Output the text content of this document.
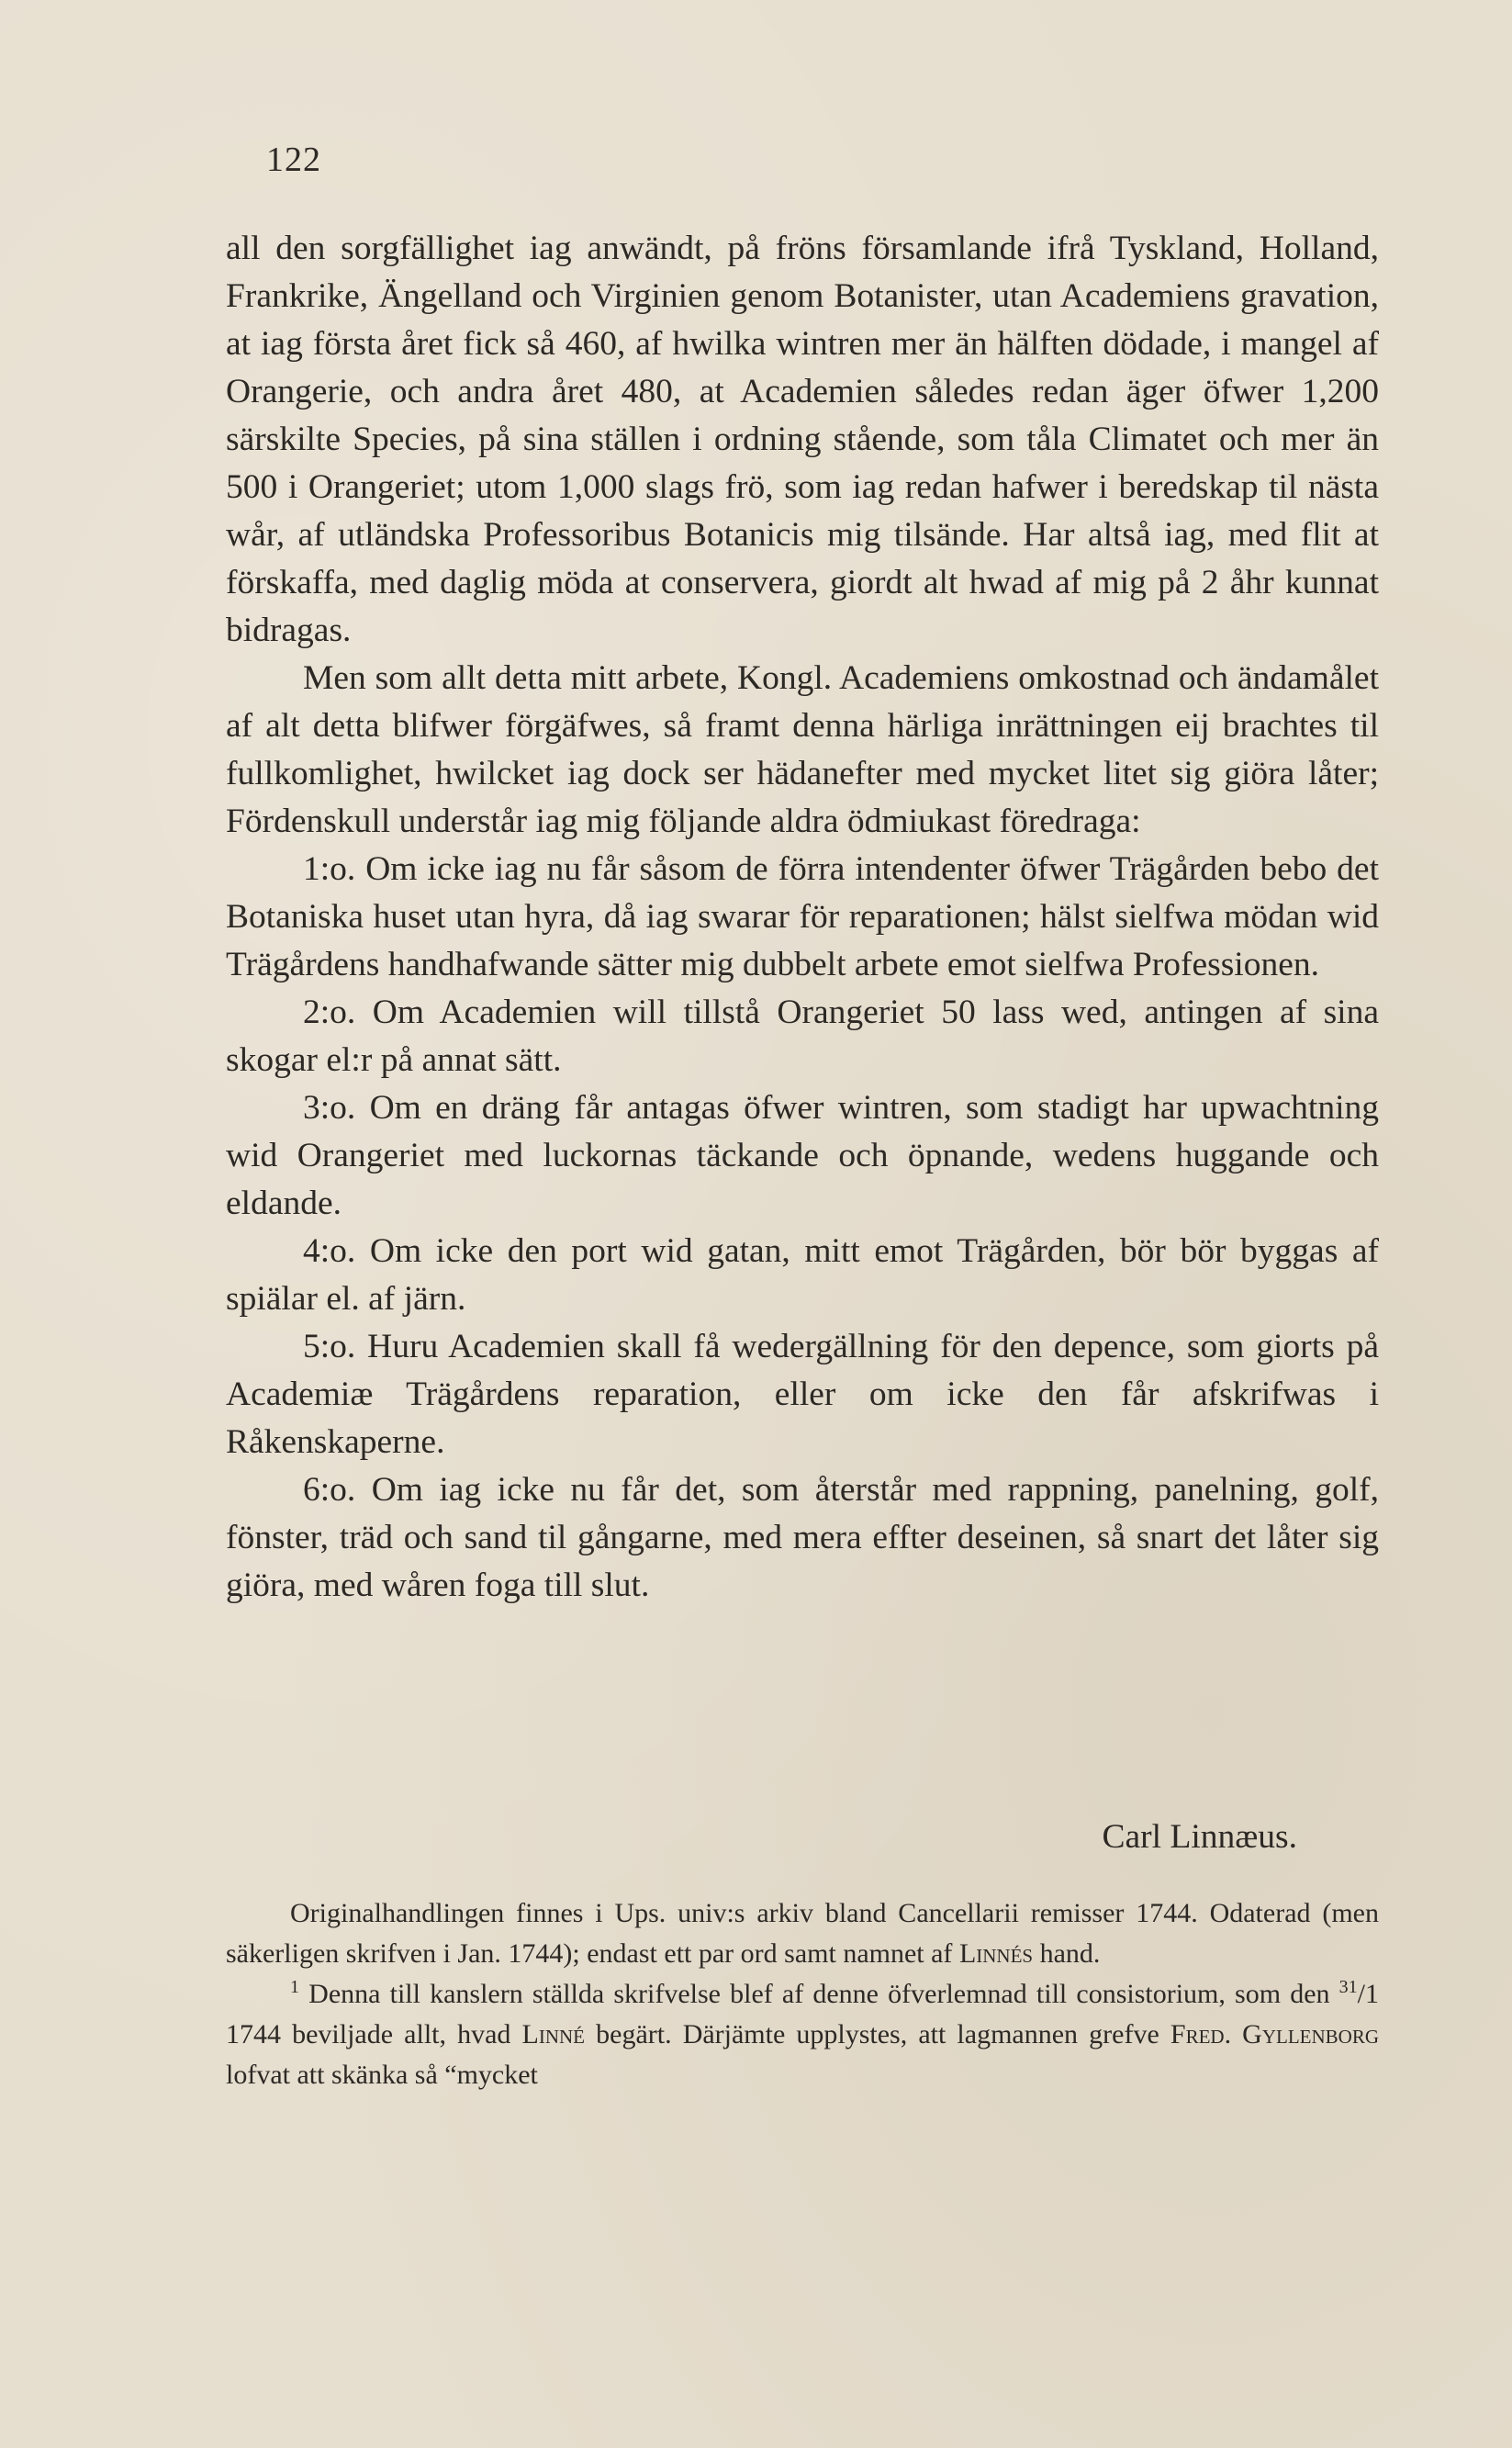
122

all den sorgfällighet iag anwändt, på fröns församlande ifrå Tyskland, Holland, Frankrike, Ängelland och Virginien genom Botanister, utan Academiens gravation, at iag första året fick så 460, af hwilka wintren mer än hälften dödade, i mangel af Orangerie, och andra året 480, at Academien således redan äger öfwer 1,200 särskilte Species, på sina ställen i ordning stående, som tåla Climatet och mer än 500 i Orangeriet; utom 1,000 slags frö, som iag redan hafwer i beredskap til nästa wår, af utländska Professoribus Botanicis mig tilsände. Har altså iag, med flit at förskaffa, med daglig möda at conservera, giordt alt hwad af mig på 2 åhr kunnat bidragas.

Men som allt detta mitt arbete, Kongl. Academiens omkostnad och ändamålet af alt detta blifwer förgäfwes, så framt denna härliga inrättningen eij brachtes til fullkomlighet, hwilcket iag dock ser hädanefter med mycket litet sig giöra låter; Fördenskull understår iag mig följande aldra ödmiukast föredraga:

1:o. Om icke iag nu får såsom de förra intendenter öfwer Trägården bebo det Botaniska huset utan hyra, då iag swarar för reparationen; hälst sielfwa mödan wid Trägårdens handhafwande sätter mig dubbelt arbete emot sielfwa Professionen.

2:o. Om Academien will tillstå Orangeriet 50 lass wed, antingen af sina skogar el:r på annat sätt.

3:o. Om en dräng får antagas öfwer wintren, som stadigt har upwachtning wid Orangeriet med luckornas täckande och öpnande, wedens huggande och eldande.

4:o. Om icke den port wid gatan, mitt emot Trägården, bör bör byggas af spiälar el. af järn.

5:o. Huru Academien skall få wedergällning för den depence, som giorts på Academiæ Trägårdens reparation, eller om icke den får afskrifwas i Råkenskaperne.

6:o. Om iag icke nu får det, som återstår med rappning, panelning, golf, fönster, träd och sand til gångarne, med mera effter deseinen, så snart det låter sig giöra, med wåren foga till slut.

Carl Linnæus.

Originalhandlingen finnes i Ups. univ:s arkiv bland Cancellarii remisser 1744. Odaterad (men säkerligen skrifven i Jan. 1744); endast ett par ord samt namnet af Linnés hand.

$^1$ Denna till kanslern ställda skrifvelse blef af denne öfverlemnad till consistorium, som den $^{31}$/1 1744 beviljade allt, hvad Linné begärt. Därjämte upplystes, att lagmannen grefve Fred. Gyllenborg lofvat att skänka så “mycket
